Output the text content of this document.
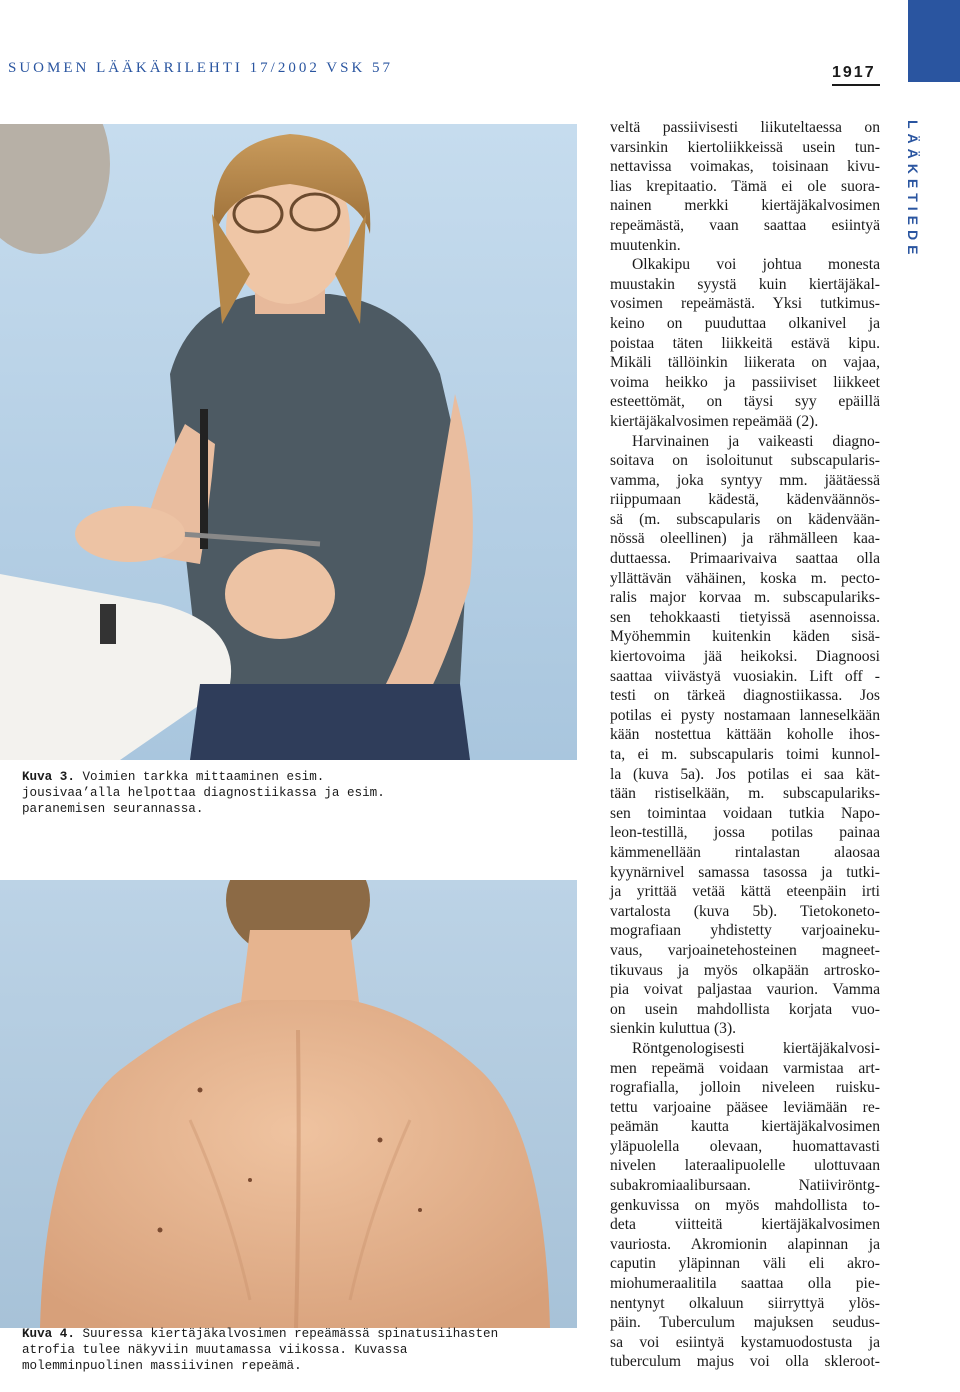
SUOMEN LÄÄKÄRILEHTI 17/2002 VSK 57	1917
LÄÄKETIEDE
Kuva 3. Voimien tarkka mittaaminen esim.
jousivaa’alla helpottaa diagnostiikassa ja esim.
paranemisen seurannassa.
Kuva 4. Suuressa kiertäjäkalvosimen repeämässä spinatusiihasten
atrofia tulee näkyviin muutamassa viikossa. Kuvassa
molemminpuolinen massiivinen repeämä.
veltä passiivisesti liikuteltaessa on
varsinkin kiertoliikkeissä usein tun-
nettavissa voimakas, toisinaan kivu-
lias krepitaatio. Tämä ei ole suora-
nainen merkki kiertäjäkalvosimen
repeämästä, vaan saattaa esiintyä
muutenkin.
Olkakipu voi johtua monesta
muustakin syystä kuin kiertäjäkal-
vosimen repeämästä. Yksi tutkimus-
keino on puuduttaa olkanivel ja
poistaa täten liikkeitä estävä kipu.
Mikäli tällöinkin liikerata on vajaa,
voima heikko ja passiiviset liikkeet
esteettömät, on täysi syy epäillä
kiertäjäkalvosimen repeämää (2).
Harvinainen ja vaikeasti diagno-
soitava on isoloitunut subscapularis-
vamma, joka syntyy mm. jäätäessä
riippumaan kädestä, kädenväännös-
sä (m. subscapularis on kädenvään-
nössä oleellinen) ja rähmälleen kaa-
duttaessa. Primaarivaiva saattaa olla
yllättävän vähäinen, koska m. pecto-
ralis major korvaa m. subscapulariks-
sen tehokkaasti tietyissä asennoissa.
Myöhemmin kuitenkin käden sisä-
kiertovoima jää heikoksi. Diagnoosi
saattaa viivästyä vuosiakin. Lift off -
testi on tärkeä diagnostiikassa. Jos
potilas ei pysty nostamaan lanneselkään
kään nostettua kättään koholle ihos-
ta, ei m. subscapularis toimi kunnol-
la (kuva 5a). Jos potilas ei saa kät-
tään ristiselkään, m. subscapulariks-
sen toimintaa voidaan tutkia Napo-
leon-testillä, jossa potilas painaa
kämmenellään rintalastan alaosaa
kyynärnivel samassa tasossa ja tutki-
ja yrittää vetää kättä eteenpäin irti
vartalosta (kuva 5b). Tietokoneto-
mografiaan yhdistetty varjoaineku-
vaus, varjoainetehosteinen magneet-
tikuvaus ja myös olkapään artrosko-
pia voivat paljastaa vaurion. Vamma
on usein mahdollista korjata vuo-
sienkin kuluttua (3).
Röntgenologisesti kiertäjäkalvosi-
men repeämä voidaan varmistaa art-
rografialla, jolloin niveleen ruisku-
tettu varjoaine pääsee leviämään re-
peämän kautta kiertäjäkalvosimen
yläpuolella olevaan, huomattavasti
nivelen lateraalipuolelle ulottuvaan
subakromiaalibursaan. Natiiviröntg-
genkuvissa on myös mahdollista to-
deta viitteitä kiertäjäkalvosimen
vauriosta. Akromionin alapinnan ja
caputin yläpinnan väli eli akro-
miohumeraalitila saattaa olla pie-
nentynyt olkaluun siirryttyä ylös-
päin. Tuberculum majuksen seudus-
sa voi esiintyä kystamuodostusta ja
tuberculum majus voi olla skleroot-
